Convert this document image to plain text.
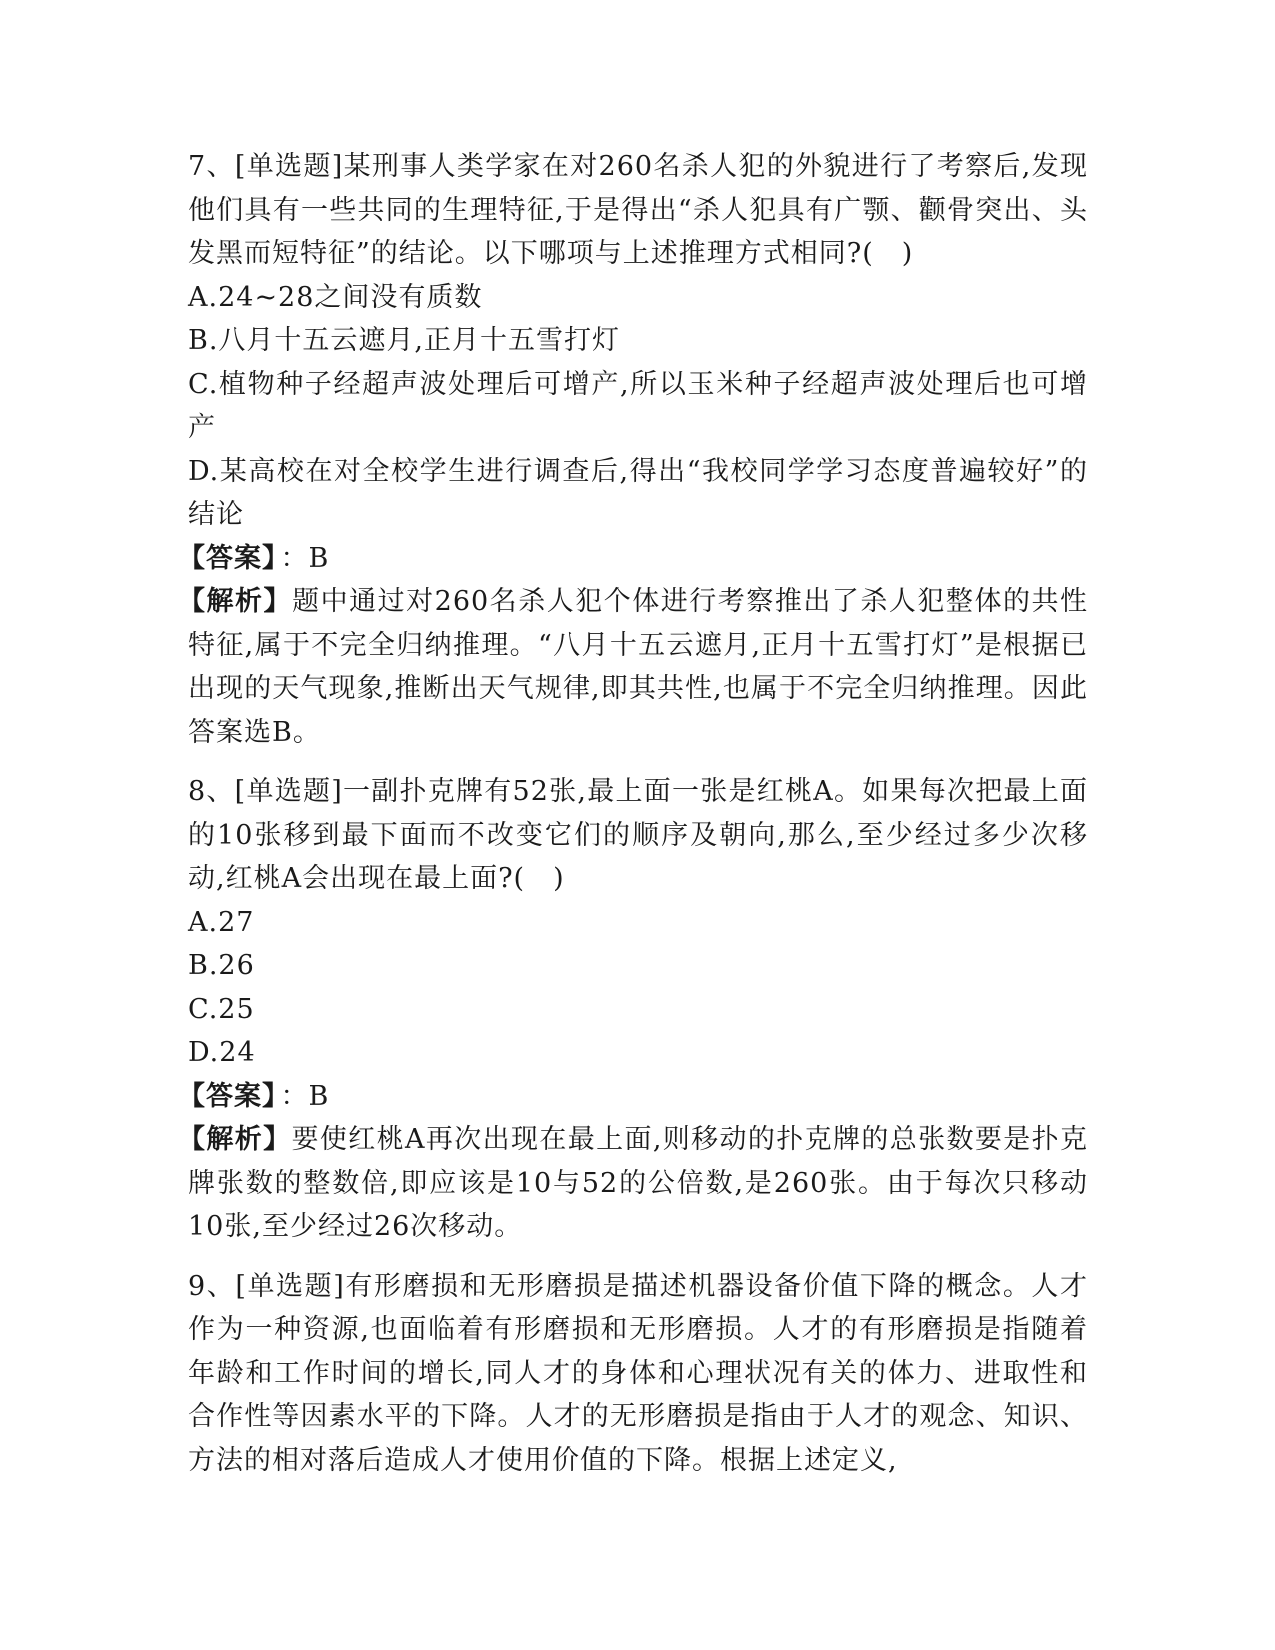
7、[单选题]某刑事人类学家在对260名杀人犯的外貌进行了考察后,发现他们具有一些共同的生理特征,于是得出“杀人犯具有广颚、颧骨突出、头发黑而短特征”的结论。以下哪项与上述推理方式相同?(　)

A.24~28之间没有质数

B.八月十五云遮月,正月十五雪打灯

C.植物种子经超声波处理后可增产,所以玉米种子经超声波处理后也可增产

D.某高校在对全校学生进行调查后,得出“我校同学学习态度普遍较好”的结论

【答案】 ：B

【解析】题中通过对260名杀人犯个体进行考察推出了杀人犯整体的共性特征,属于不完全归纳推理。“八月十五云遮月,正月十五雪打灯”是根据已出现的天气现象,推断出天气规律,即其共性,也属于不完全归纳推理。因此答案选B。

8、[单选题]一副扑克牌有52张,最上面一张是红桃A。如果每次把最上面的10张移到最下面而不改变它们的顺序及朝向,那么,至少经过多少次移动,红桃A会出现在最上面?(　)

A.27

B.26

C.25

D.24

【答案】 ：B

【解析】要使红桃A再次出现在最上面,则移动的扑克牌的总张数要是扑克牌张数的整数倍,即应该是10与52的公倍数,是260张。由于每次只移动10张,至少经过26次移动。

9、[单选题]有形磨损和无形磨损是描述机器设备价值下降的概念。人才作为一种资源,也面临着有形磨损和无形磨损。人才的有形磨损是指随着年龄和工作时间的增长,同人才的身体和心理状况有关的体力、进取性和合作性等因素水平的下降。人才的无形磨损是指由于人才的观念、知识、方法的相对落后造成人才使用价值的下降。根据上述定义,
